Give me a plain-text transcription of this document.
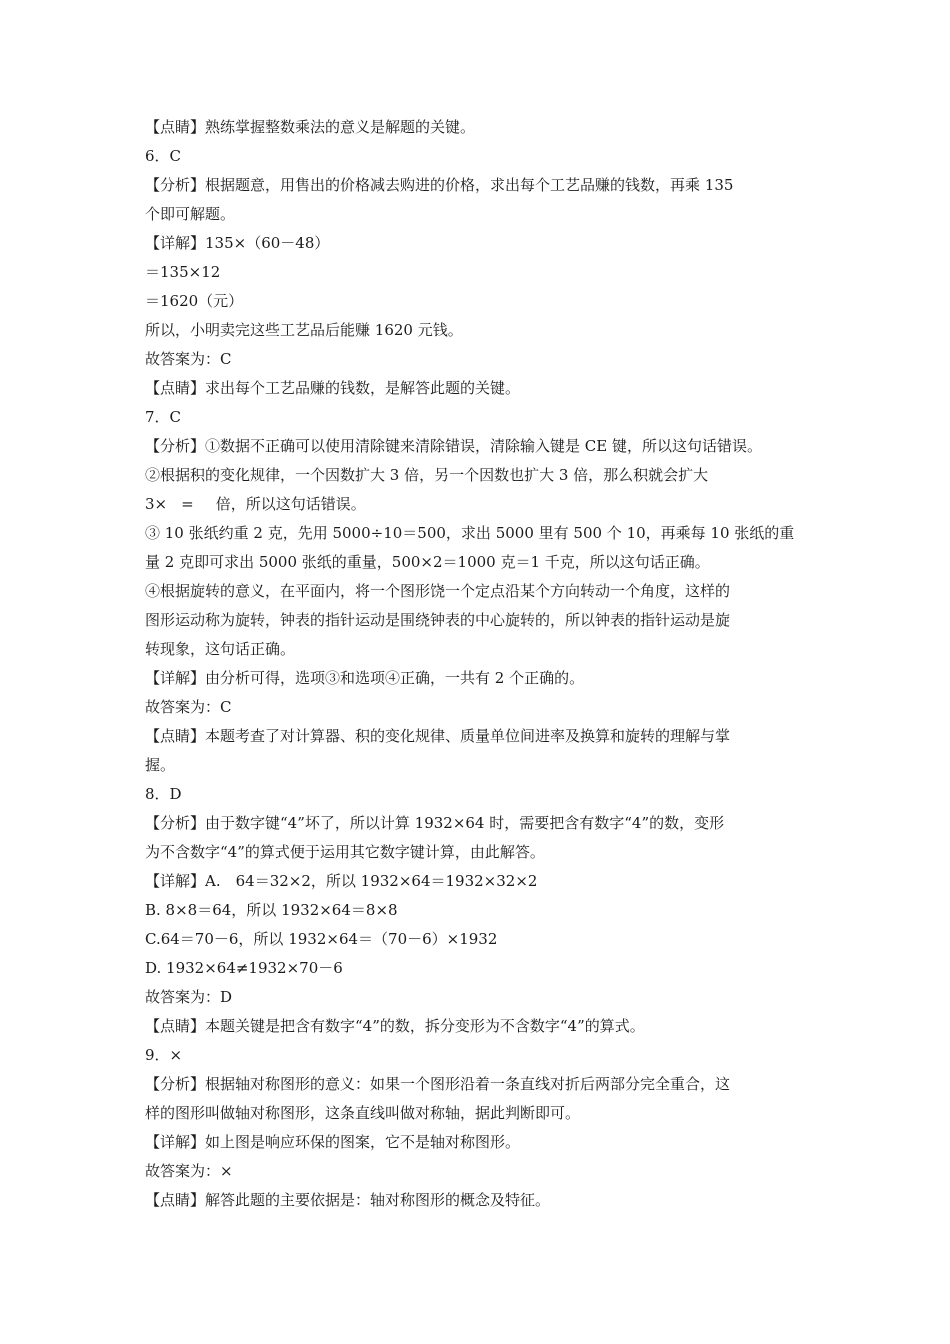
【点睛】熟练掌握整数乘法的意义是解题的关键。
6．C
【分析】根据题意，用售出的价格减去购进的价格，求出每个工艺品赚的钱数，再乘 135
个即可解题。
【详解】135×（60－48）
＝135×12
＝1620（元）
所以，小明卖完这些工艺品后能赚 1620 元钱。
故答案为：C
【点睛】求出每个工艺品赚的钱数，是解答此题的关键。
7．C
【分析】①数据不正确可以使用清除键来清除错误，清除输入键是 CE 键，所以这句话错误。
②根据积的变化规律，一个因数扩大 3 倍，另一个因数也扩大 3 倍，那么积就会扩大
3× = 倍，所以这句话错误。
③ 10 张纸约重 2 克，先用 5000÷10＝500，求出 5000 里有 500 个 10，再乘每 10 张纸的重
量 2 克即可求出 5000 张纸的重量，500×2＝1000 克＝1 千克，所以这句话正确。
④根据旋转的意义，在平面内，将一个图形饶一个定点沿某个方向转动一个角度，这样的
图形运动称为旋转，钟表的指针运动是围绕钟表的中心旋转的，所以钟表的指针运动是旋
转现象，这句话正确。
【详解】由分析可得，选项③和选项④正确，一共有 2 个正确的。
故答案为：C
【点睛】本题考查了对计算器、积的变化规律、质量单位间进率及换算和旋转的理解与掌
握。
8．D
【分析】由于数字键“4”坏了，所以计算 1932×64 时，需要把含有数字“4”的数，变形
为不含数字“4”的算式便于运用其它数字键计算，由此解答。
【详解】A.　64＝32×2，所以 1932×64＝1932×32×2
B. 8×8＝64，所以 1932×64＝8×8
C.64＝70－6，所以 1932×64＝（70－6）×1932
D. 1932×64≠1932×70－6
故答案为：D
【点睛】本题关键是把含有数字“4”的数，拆分变形为不含数字“4”的算式。
9．×
【分析】根据轴对称图形的意义：如果一个图形沿着一条直线对折后两部分完全重合，这
样的图形叫做轴对称图形，这条直线叫做对称轴，据此判断即可。
【详解】如上图是响应环保的图案，它不是轴对称图形。
故答案为：×
【点睛】解答此题的主要依据是：轴对称图形的概念及特征。
